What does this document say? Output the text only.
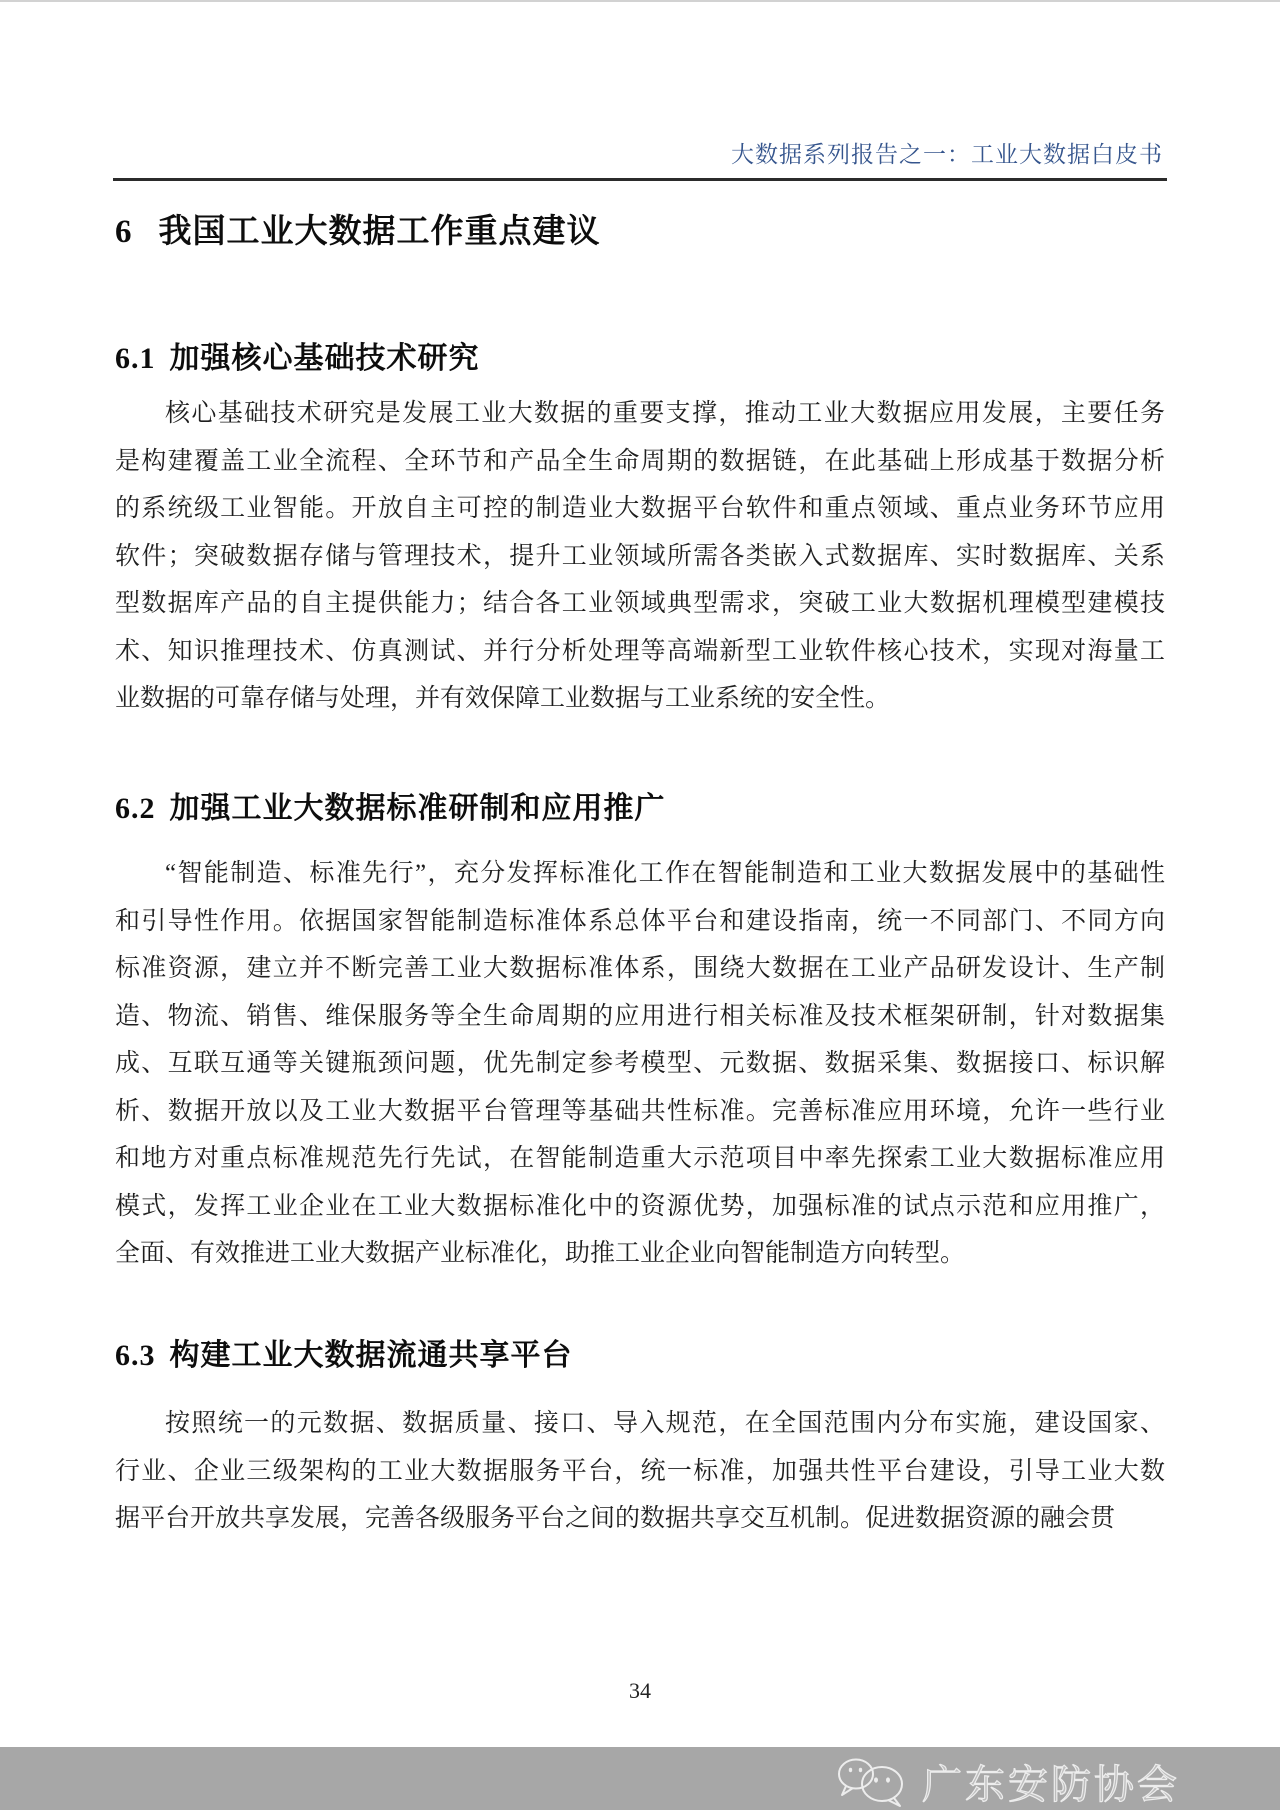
大数据系列报告之一：工业大数据白皮书
6 我国工业大数据工作重点建议
6.1 加强核心基础技术研究
核心基础技术研究是发展工业大数据的重要支撑，推动工业大数据应用发展，主要任务
是构建覆盖工业全流程、全环节和产品全生命周期的数据链，在此基础上形成基于数据分析
的系统级工业智能。开放自主可控的制造业大数据平台软件和重点领域、重点业务环节应用
软件；突破数据存储与管理技术，提升工业领域所需各类嵌入式数据库、实时数据库、关系
型数据库产品的自主提供能力；结合各工业领域典型需求，突破工业大数据机理模型建模技
术、知识推理技术、仿真测试、并行分析处理等高端新型工业软件核心技术，实现对海量工
业数据的可靠存储与处理，并有效保障工业数据与工业系统的安全性。
6.2 加强工业大数据标准研制和应用推广
“智能制造、标准先行”，充分发挥标准化工作在智能制造和工业大数据发展中的基础性
和引导性作用。依据国家智能制造标准体系总体平台和建设指南，统一不同部门、不同方向
标准资源，建立并不断完善工业大数据标准体系，围绕大数据在工业产品研发设计、生产制
造、物流、销售、维保服务等全生命周期的应用进行相关标准及技术框架研制，针对数据集
成、互联互通等关键瓶颈问题，优先制定参考模型、元数据、数据采集、数据接口、标识解
析、数据开放以及工业大数据平台管理等基础共性标准。完善标准应用环境，允许一些行业
和地方对重点标准规范先行先试，在智能制造重大示范项目中率先探索工业大数据标准应用
模式，发挥工业企业在工业大数据标准化中的资源优势，加强标准的试点示范和应用推广，
全面、有效推进工业大数据产业标准化，助推工业企业向智能制造方向转型。
6.3 构建工业大数据流通共享平台
按照统一的元数据、数据质量、接口、导入规范，在全国范围内分布实施，建设国家、
行业、企业三级架构的工业大数据服务平台，统一标准，加强共性平台建设，引导工业大数
据平台开放共享发展，完善各级服务平台之间的数据共享交互机制。促进数据资源的融会贯
34
广东安防协会
